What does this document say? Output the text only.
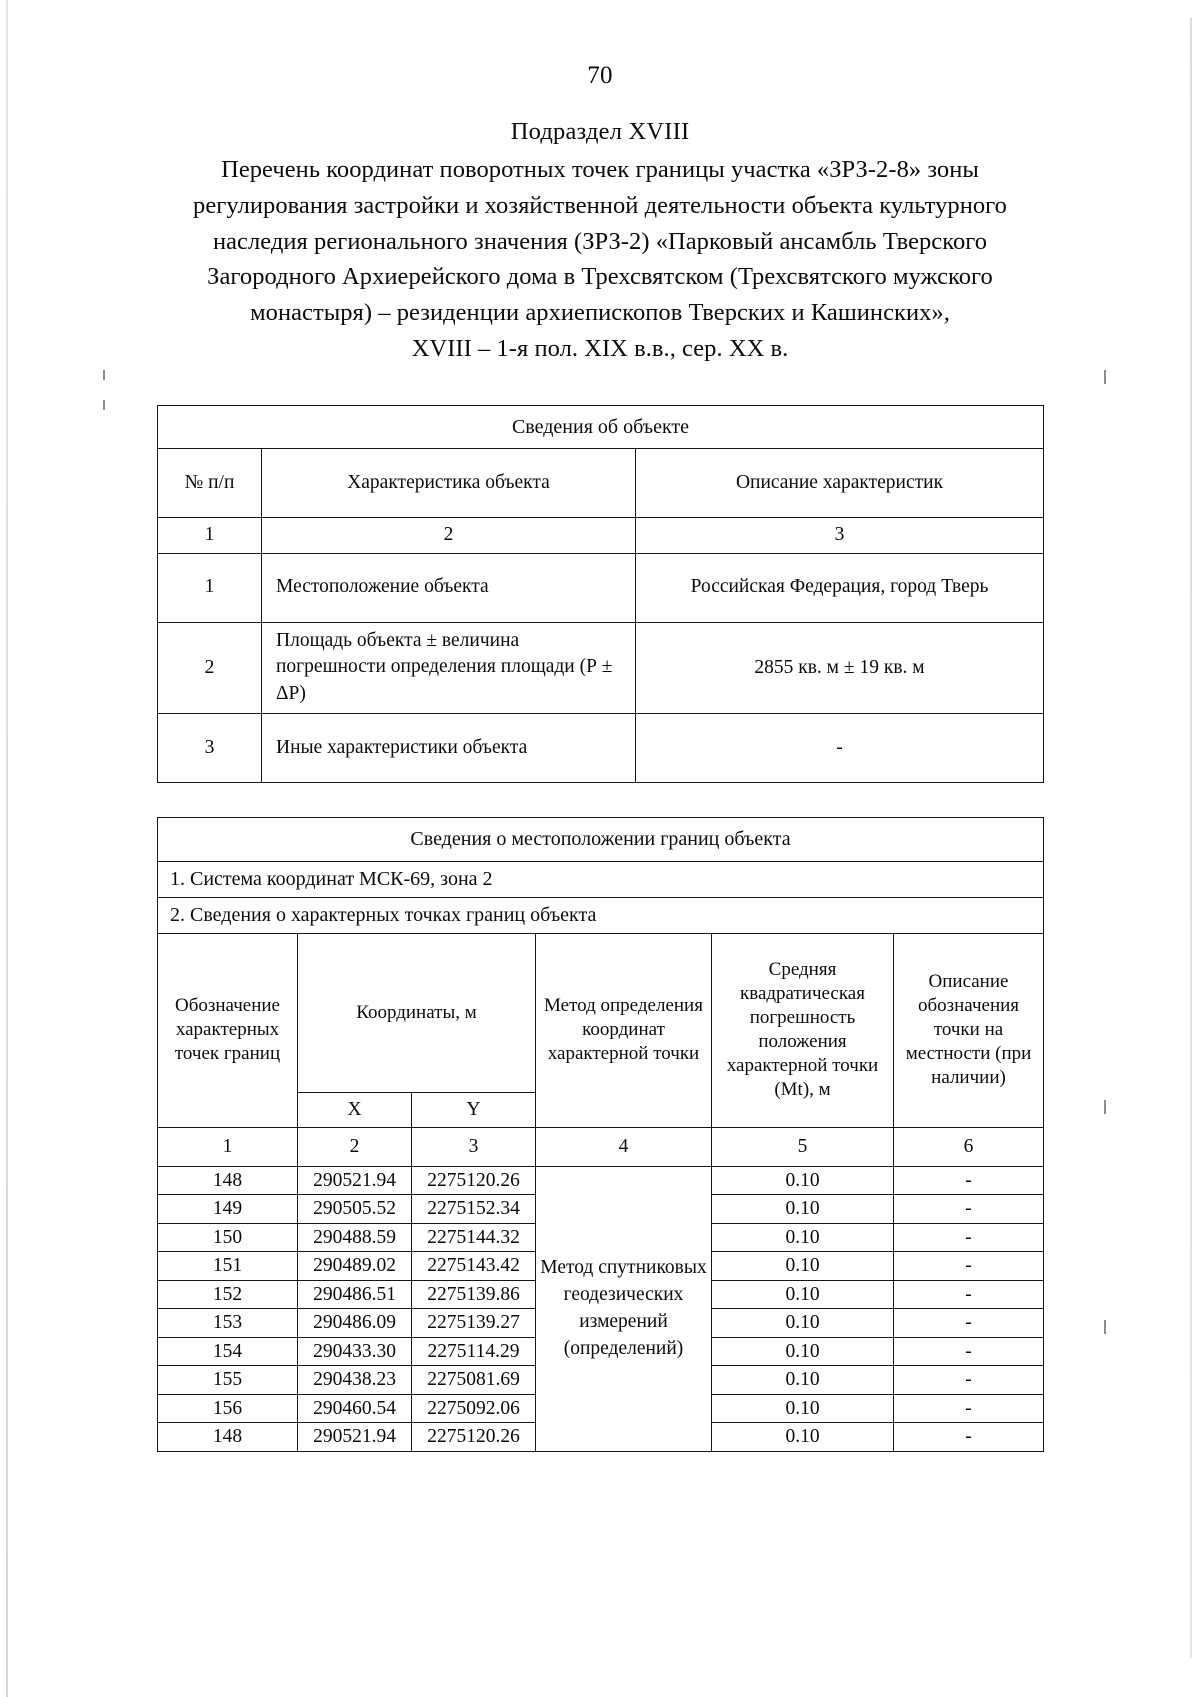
70
Подраздел XVIII
Перечень координат поворотных точек границы участка «ЗРЗ-2-8» зоны
регулирования застройки и хозяйственной деятельности объекта культурного
наследия регионального значения (ЗРЗ-2) «Парковый ансамбль Тверского
Загородного Архиерейского дома в Трехсвятском (Трехсвятского мужского
монастыря) – резиденции архиепископов Тверских и Кашинских»,
XVIII – 1-я пол. XIX в.в., сер. XX в.
Сведения об объекте		
№ п/п	Характеристика объекта	Описание характеристик
1	2	3
1	Местоположение объекта	Российская Федерация, город Тверь
2	Площадь объекта ± величина погрешности определения площади (Р ± ΔР)	2855 кв. м ± 19 кв. м
3	Иные характеристики объекта	-
Сведения о местоположении границ объекта					
1. Система координат МСК-69, зона 2					
2. Сведения о характерных точках границ объекта					
Обозначение характерных точек границ	Координаты, м		Метод определения координат характерной точки	Средняя квадратическая погрешность положения характерной точки (Mt), м	Описание обозначения точки на местности (при наличии)
	X	Y			
1	2	3	4	5	6
148	290521.94	2275120.26	Метод спутниковых геодезических измерений (определений)	0.10	-
149	290505.52	2275152.34		0.10	-
150	290488.59	2275144.32		0.10	-
151	290489.02	2275143.42		0.10	-
152	290486.51	2275139.86		0.10	-
153	290486.09	2275139.27		0.10	-
154	290433.30	2275114.29		0.10	-
155	290438.23	2275081.69		0.10	-
156	290460.54	2275092.06		0.10	-
148	290521.94	2275120.26		0.10	-
